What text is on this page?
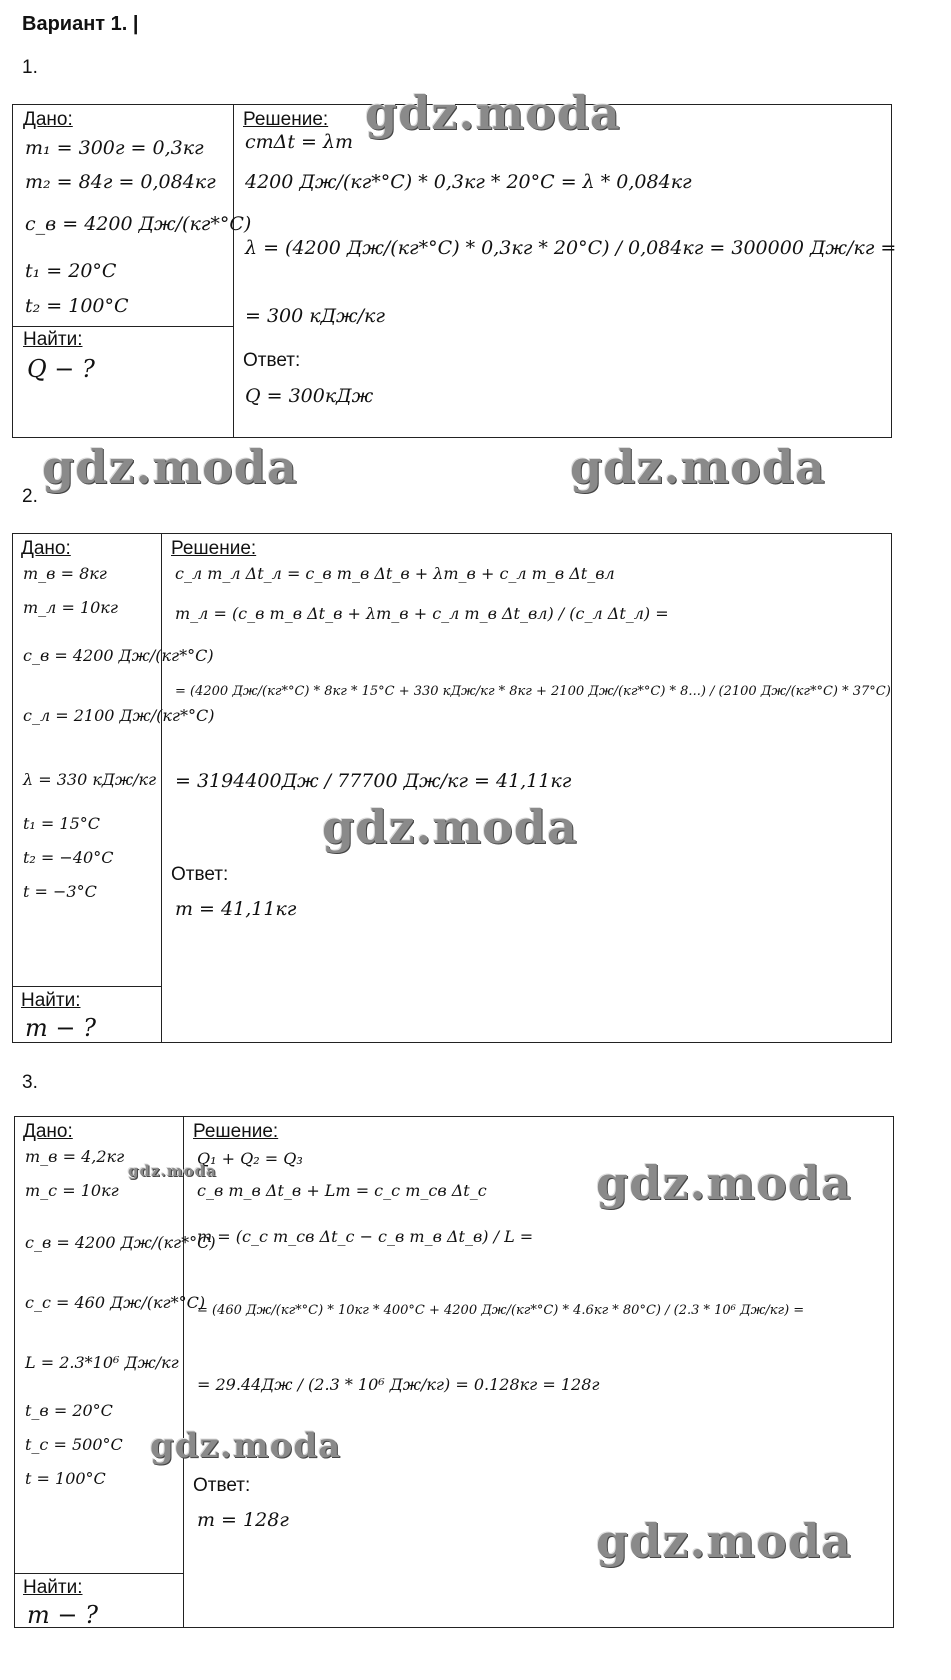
Вариант 1. |
1.
Дано:
m₁ = 300г = 0,3кг
m₂ = 84г = 0,084кг
c_в = 4200 Дж/(кг*°C)
t₁ = 20°C
t₂ = 100°C
Найти:
Q − ?
Решение:
cmΔt = λm
4200 Дж/(кг*°C) * 0,3кг * 20°C = λ * 0,084кг
λ = (4200 Дж/(кг*°C) * 0,3кг * 20°C) / 0,084кг = 300000 Дж/кг =
= 300 кДж/кг
Ответ:
Q = 300кДж
gdz.moda
gdz.moda	gdz.moda
2.
Дано:
m_в = 8кг
m_л = 10кг
c_в = 4200 Дж/(кг*°C)
c_л = 2100 Дж/(кг*°C)
λ = 330 кДж/кг
t₁ = 15°C
t₂ = −40°C
t = −3°C
Найти:
m − ?
Решение:
c_л m_л Δt_л = c_в m_в Δt_в + λm_в + c_л m_в Δt_вл
m_л = (c_в m_в Δt_в + λm_в + c_л m_в Δt_вл) / (c_л Δt_л) =
= (4200 Дж/(кг*°C) * 8кг * 15°C + 330 кДж/кг * 8кг + 2100 Дж/(кг*°C) * 8...) / (2100 Дж/(кг*°C) * 37°C)
= 3194400Дж / 77700 Дж/кг = 41,11кг
Ответ:
m = 41,11кг
gdz.moda
3.
Дано:
m_в = 4,2кг
m_c = 10кг
c_в = 4200 Дж/(кг*°C)
c_c = 460 Дж/(кг*°C)
L = 2.3*10⁶ Дж/кг
t_в = 20°C
t_c = 500°C
t = 100°C
Найти:
m − ?
Решение:
Q₁ + Q₂ = Q₃
c_в m_в Δt_в + Lm = c_c m_cв Δt_c
m = (c_c m_cв Δt_c − c_в m_в Δt_в) / L =
= (460 Дж/(кг*°C) * 10кг * 400°C + 4200 Дж/(кг*°C) * 4.6кг * 80°C) / (2.3 * 10⁶ Дж/кг) =
= 29.44Дж / (2.3 * 10⁶ Дж/кг) = 0.128кг = 128г
Ответ:
m = 128г
gdz.moda	gdz.moda
gdz.moda
gdz.moda
